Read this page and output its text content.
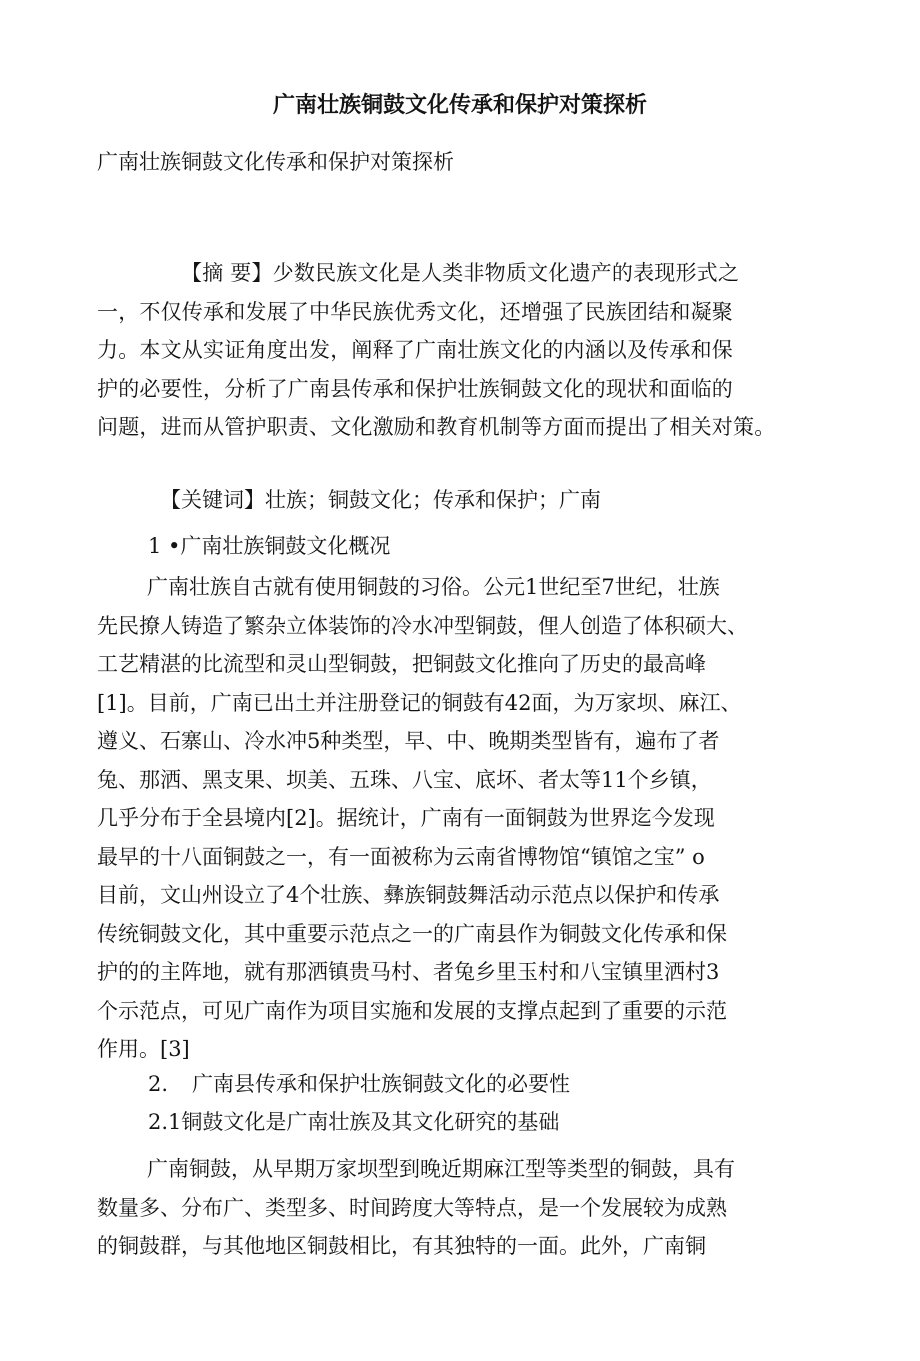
广南壮族铜鼓文化传承和保护对策探析
广南壮族铜鼓文化传承和保护对策探析
【摘 要】少数民族文化是人类非物质文化遗产的表现形式之
一，不仅传承和发展了中华民族优秀文化，还增强了民族团结和凝聚
力。本文从实证角度出发，阐释了广南壮族文化的内涵以及传承和保
护的必要性，分析了广南县传承和保护壮族铜鼓文化的现状和面临的
问题，进而从管护职责、文化激励和教育机制等方面而提出了相关对策。
【关键词】壮族；铜鼓文化；传承和保护；广南
1 •广南壮族铜鼓文化概况
广南壮族自古就有使用铜鼓的习俗。公元1世纪至7世纪，壮族
先民撩人铸造了繁杂立体装饰的冷水冲型铜鼓，俚人创造了体积硕大、
工艺精湛的比流型和灵山型铜鼓，把铜鼓文化推向了历史的最高峰
[1]。目前，广南已出土并注册登记的铜鼓有42面，为万家坝、麻江、
遵义、石寨山、冷水冲5种类型，早、中、晚期类型皆有，遍布了者
兔、那洒、黑支果、坝美、五珠、八宝、底坏、者太等11个乡镇，
几乎分布于全县境内[2]。据统计，广南有一面铜鼓为世界迄今发现
最早的十八面铜鼓之一，有一面被称为云南省博物馆“镇馆之宝” o
目前，文山州设立了4个壮族、彝族铜鼓舞活动示范点以保护和传承
传统铜鼓文化，其中重要示范点之一的广南县作为铜鼓文化传承和保
护的的主阵地，就有那洒镇贵马村、者兔乡里玉村和八宝镇里洒村3
个示范点，可见广南作为项目实施和发展的支撑点起到了重要的示范
作用。[3]
2. 广南县传承和保护壮族铜鼓文化的必要性
2.1铜鼓文化是广南壮族及其文化研究的基础
广南铜鼓，从早期万家坝型到晚近期麻江型等类型的铜鼓，具有
数量多、分布广、类型多、时间跨度大等特点，是一个发展较为成熟
的铜鼓群，与其他地区铜鼓相比，有其独特的一面。此外，广南铜
